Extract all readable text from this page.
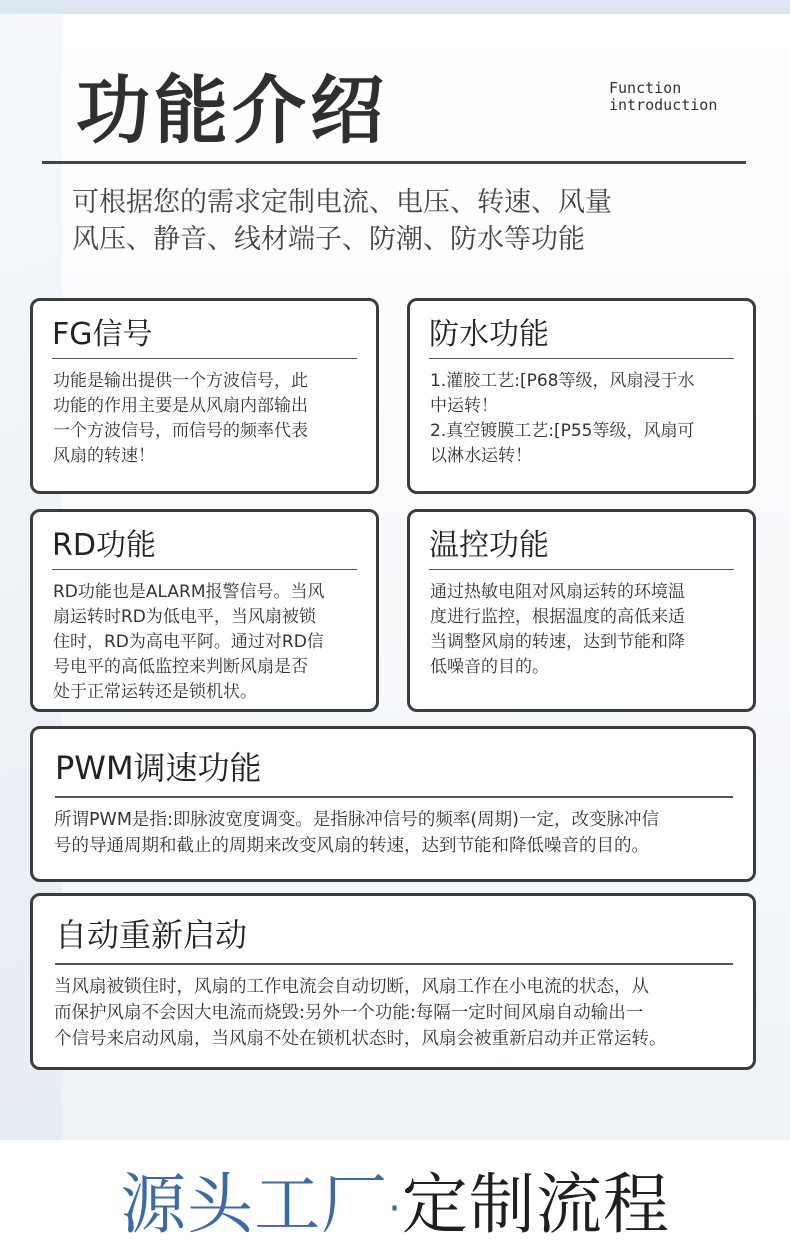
功能介绍	Function
introduction
可根据您的需求定制电流、电压、转速、风量
风压、静音、线材端子、防潮、防水等功能
FG信号
功能是输出提供一个方波信号，此
功能的作用主要是从风扇内部输出
一个方波信号，而信号的频率代表
风扇的转速！
防水功能
1.灌胶工艺:[P68等级，风扇浸于水
中运转！
2.真空镀膜工艺:[P55等级，风扇可
以淋水运转！
RD功能
RD功能也是ALARM报警信号。当风
扇运转时RD为低电平，当风扇被锁
住时，RD为高电平阿。通过对RD信
号电平的高低监控来判断风扇是否
处于正常运转还是锁机状。
温控功能
通过热敏电阻对风扇运转的环境温
度进行监控，根据温度的高低来适
当调整风扇的转速，达到节能和降
低噪音的目的。
PWM调速功能
所谓PWM是指:即脉波宽度调变。是指脉冲信号的频率(周期)一定，改变脉冲信
号的导通周期和截止的周期来改变风扇的转速，达到节能和降低噪音的目的。
自动重新启动
当风扇被锁住时，风扇的工作电流会自动切断，风扇工作在小电流的状态，从
而保护风扇不会因大电流而烧毁:另外一个功能:每隔一定时间风扇自动输出一
个信号来启动风扇，当风扇不处在锁机状态时，风扇会被重新启动并正常运转。
源头工厂·定制流程
